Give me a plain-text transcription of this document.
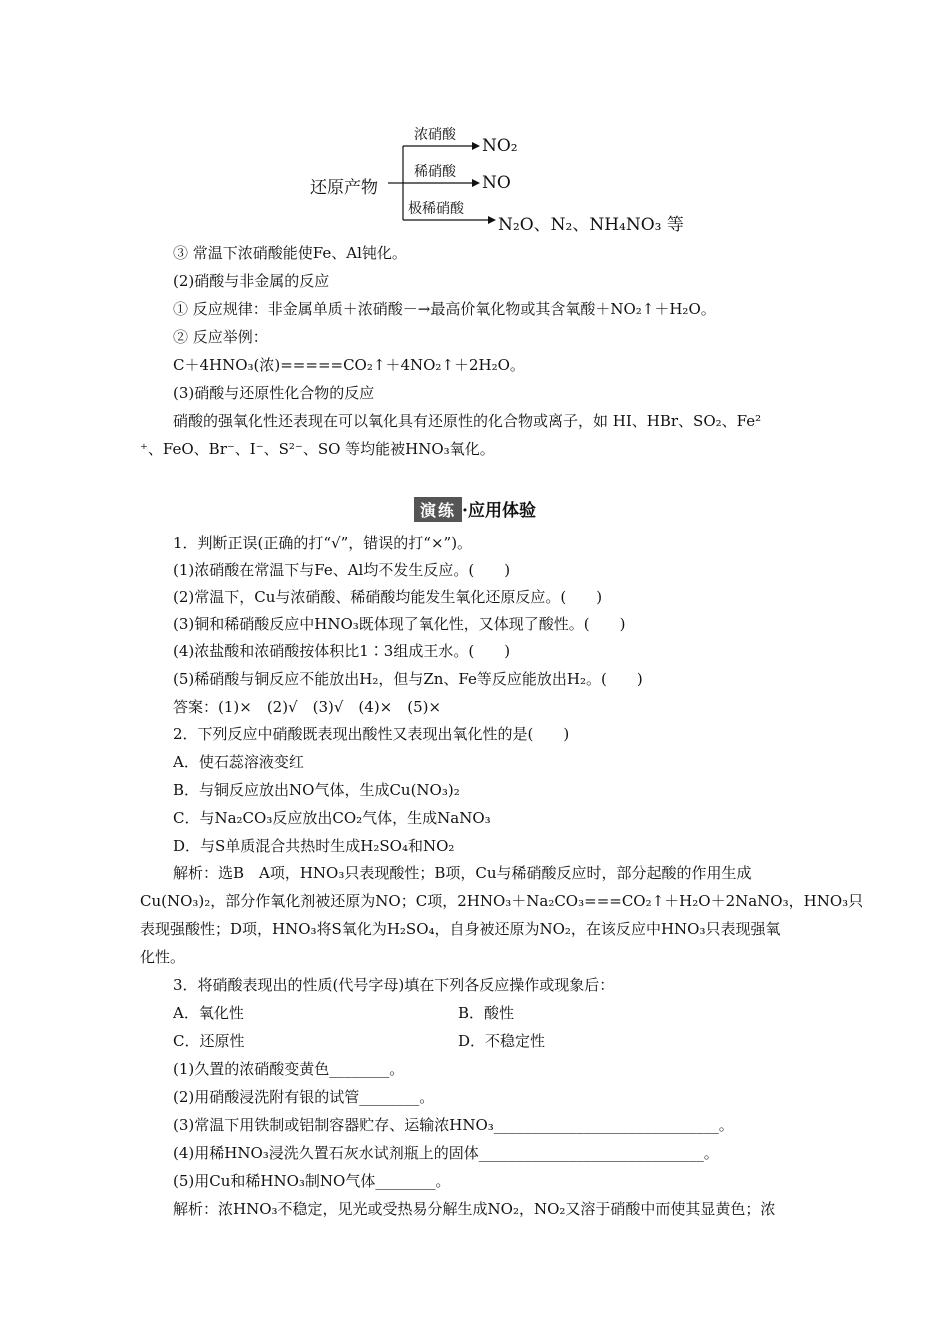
还原产物
浓硝酸
NO₂
稀硝酸
NO
极稀硝酸
N₂O、N₂、NH₄NO₃ 等
③ 常温下浓硝酸能使Fe、Al钝化。
(2)硝酸与非金属的反应
① 反应规律：非金属单质＋浓硝酸－→最高价氧化物或其含氧酸＋NO₂↑＋H₂O。
② 反应举例：
C＋4HNO₃(浓)=====CO₂↑＋4NO₂↑＋2H₂O。
(3)硝酸与还原性化合物的反应
硝酸的强氧化性还表现在可以氧化具有还原性的化合物或离子，如 HI、HBr、SO₂、Fe²
⁺、FeO、Br⁻、I⁻、S²⁻、SO 等均能被HNO₃氧化。
演练 ·应用体验
1．判断正误(正确的打“√”，错误的打“×”)。
(1)浓硝酸在常温下与Fe、Al均不发生反应。(　　)
(2)常温下，Cu与浓硝酸、稀硝酸均能发生氧化还原反应。(　　)
(3)铜和稀硝酸反应中HNO₃既体现了氧化性，又体现了酸性。(　　)
(4)浓盐酸和浓硝酸按体积比1∶3组成王水。(　　)
(5)稀硝酸与铜反应不能放出H₂，但与Zn、Fe等反应能放出H₂。(　　)
答案：(1)×　(2)√　(3)√　(4)×　(5)×
2．下列反应中硝酸既表现出酸性又表现出氧化性的是(　　)
A．使石蕊溶液变红
B．与铜反应放出NO气体，生成Cu(NO₃)₂
C．与Na₂CO₃反应放出CO₂气体，生成NaNO₃
D．与S单质混合共热时生成H₂SO₄和NO₂
解析：选B　A项，HNO₃只表现酸性；B项，Cu与稀硝酸反应时，部分起酸的作用生成
Cu(NO₃)₂，部分作氧化剂被还原为NO；C项，2HNO₃＋Na₂CO₃===CO₂↑＋H₂O＋2NaNO₃，HNO₃只
表现强酸性；D项，HNO₃将S氧化为H₂SO₄，自身被还原为NO₂，在该反应中HNO₃只表现强氧
化性。
3．将硝酸表现出的性质(代号字母)填在下列各反应操作或现象后：
A．氧化性	B．酸性
C．还原性	D．不稳定性
(1)久置的浓硝酸变黄色________。
(2)用硝酸浸洗附有银的试管________。
(3)常温下用铁制或铝制容器贮存、运输浓HNO₃______________________________。
(4)用稀HNO₃浸洗久置石灰水试剂瓶上的固体______________________________。
(5)用Cu和稀HNO₃制NO气体________。
解析：浓HNO₃不稳定，见光或受热易分解生成NO₂，NO₂又溶于硝酸中而使其显黄色；浓
